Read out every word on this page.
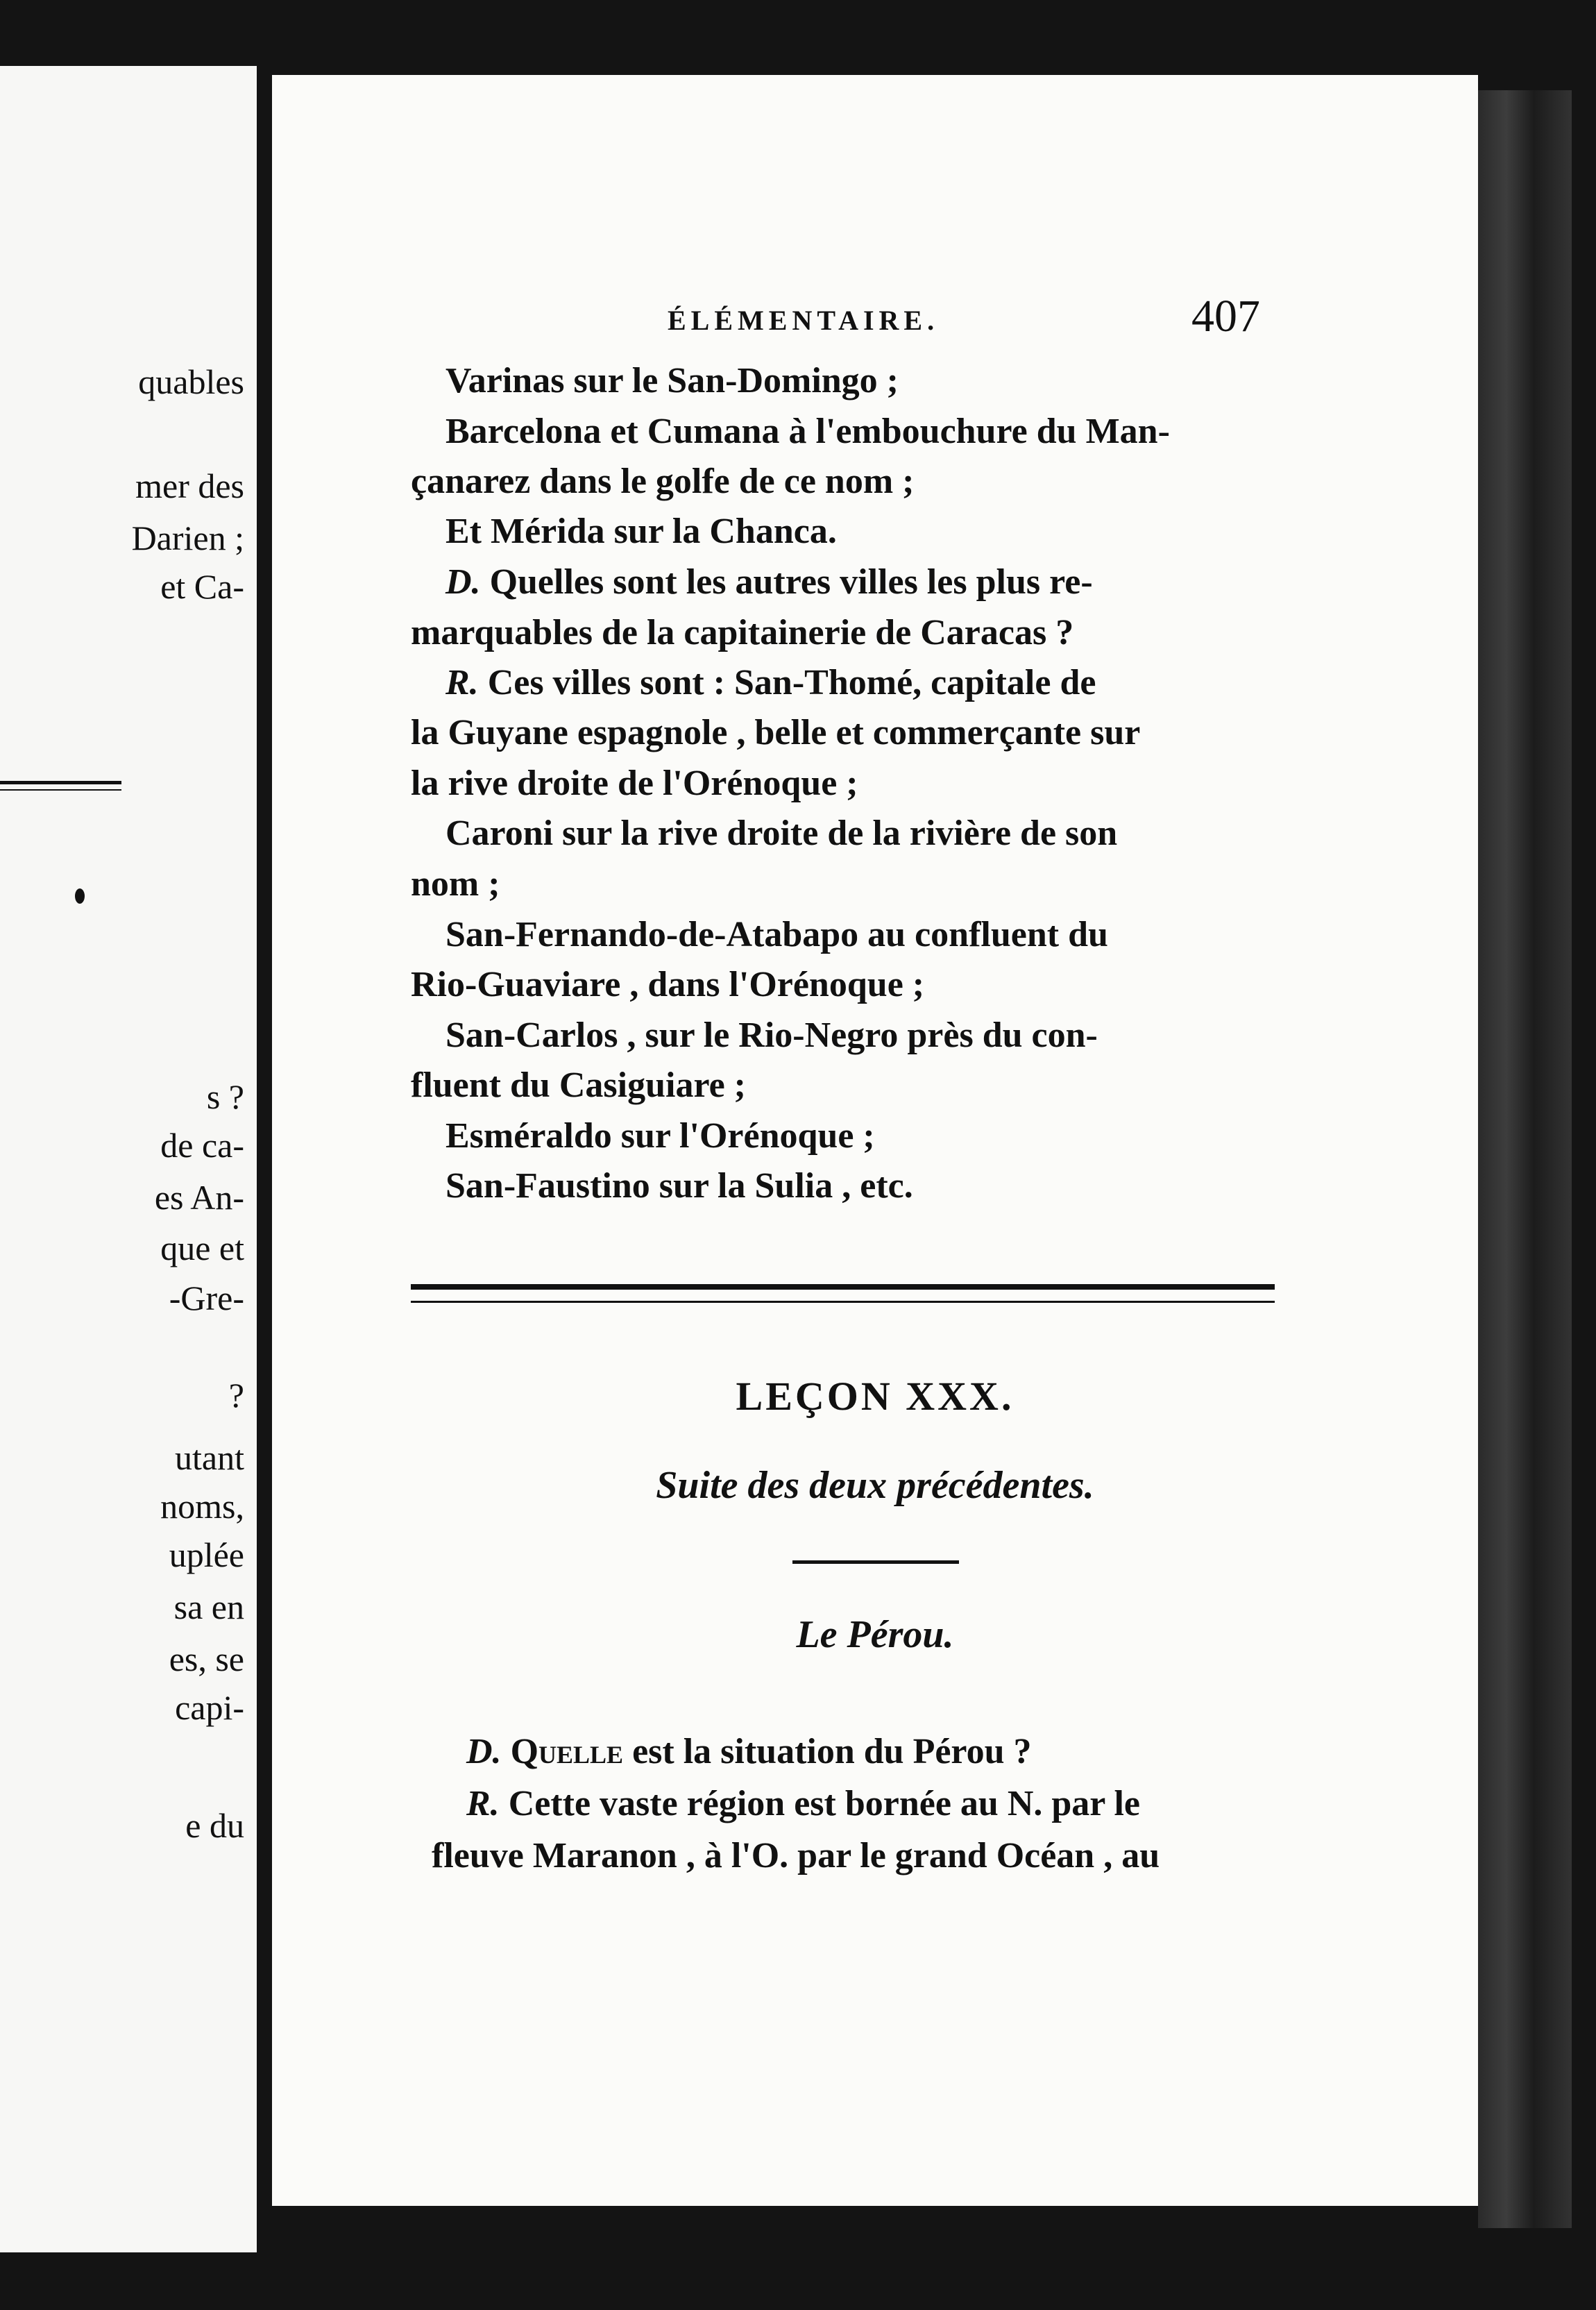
quables
mer des
Darien ;
et Ca-
s ?
de ca-
es An-
que et
-Gre-
?
utant
noms,
uplée
sa en
es, se
capi-
e du
ÉLÉMENTAIRE.	407
Varinas sur le San-Domingo ;
Barcelona et Cumana à l'embouchure du Man-
çanarez dans le golfe de ce nom ;
Et Mérida sur la Chanca.
D. Quelles sont les autres villes les plus re-
marquables de la capitainerie de Caracas ?
R. Ces villes sont : San-Thomé, capitale de
la Guyane espagnole , belle et commerçante sur
la rive droite de l'Orénoque ;
Caroni sur la rive droite de la rivière de son
nom ;
San-Fernando-de-Atabapo au confluent du
Rio-Guaviare , dans l'Orénoque ;
San-Carlos , sur le Rio-Negro près du con-
fluent du Casiguiare ;
Esméraldo sur l'Orénoque ;
San-Faustino sur la Sulia , etc.
LEÇON XXX.
Suite des deux précédentes.
Le Pérou.
D. Quelle est la situation du Pérou ?
R. Cette vaste région est bornée au N. par le
fleuve Maranon , à l'O. par le grand Océan , au
